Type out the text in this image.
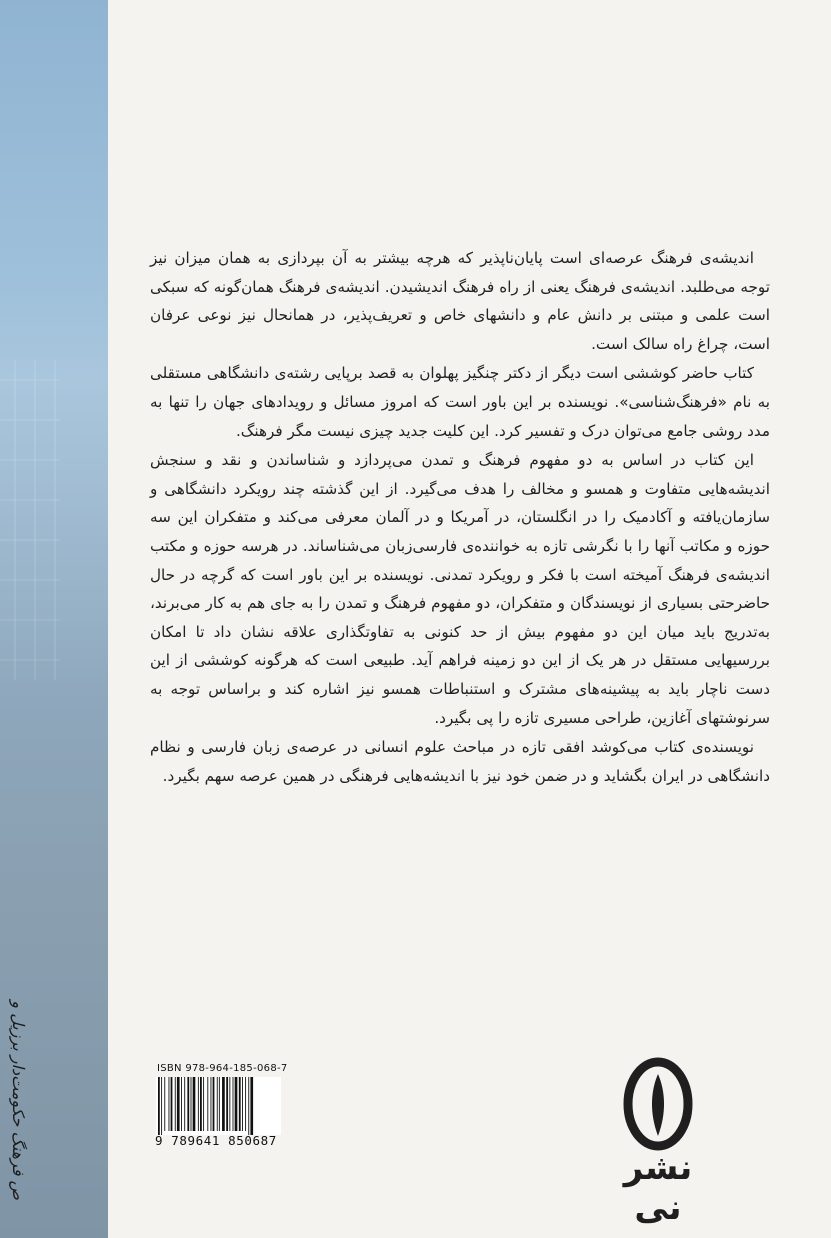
ص‌ فرهنگ‌ حکومت‌دار برزیل‌ و

اندیشه‌ی فرهنگ عرصه‌ای است پایان‌ناپذیر که هرچه بیشتر به آن بپردازی به همان میزان نیز توجه می‌طلبد. اندیشه‌ی فرهنگ یعنی از راه فرهنگ اندیشیدن. اندیشه‌ی فرهنگ همان‌گونه که سبکی است علمی و مبتنی بر دانش عام و دانشهای خاص و تعریف‌پذیر، در همانحال نیز نوعی عرفان است، چراغ راه سالک است.

کتاب حاضر کوششی است دیگر از دکتر چنگیز پهلوان به قصد برپایی رشته‌ی دانشگاهی مستقلی به نام «فرهنگ‌شناسی». نویسنده بر این باور است که امروز مسائل و رویدادهای جهان را تنها به مدد روشی جامع می‌توان درک و تفسیر کرد. این کلیت جدید چیزی نیست مگر فرهنگ.

این کتاب در اساس به دو مفهوم فرهنگ و تمدن می‌پردازد و شناساندن و نقد و سنجش اندیشه‌هایی متفاوت و همسو و مخالف را هدف می‌گیرد. از این گذشته چند رویکرد دانشگاهی و سازمان‌یافته و آکادمیک را در انگلستان، در آمریکا و در آلمان معرفی می‌کند و متفکران این سه حوزه و مکاتب آنها را با نگرشی تازه به خواننده‌ی فارسی‌زبان می‌شناساند. در هرسه حوزه و مکتب اندیشه‌ی فرهنگ آمیخته است با فکر و رویکرد تمدنی. نویسنده بر این باور است که گرچه در حال حاضرحتی بسیاری از نویسندگان و متفکران، دو مفهوم فرهنگ و تمدن را به جای هم به کار می‌برند، به‌تدریج باید میان این دو مفهوم بیش از حد کنونی به تفاوتگذاری علاقه نشان داد تا امکان بررسیهایی مستقل در هر یک از این دو زمینه فراهم آید. طبیعی است که هرگونه کوششی از این دست ناچار باید به پیشینه‌های مشترک و استنباطات همسو نیز اشاره کند و براساس توجه به سرنوشتهای آغازین، طراحی مسیری تازه را پی بگیرد.

نویسنده‌ی کتاب می‌کوشد افقی تازه در مباحث علوم انسانی در عرصه‌ی زبان فارسی و نظام دانشگاهی در ایران بگشاید و در ضمن خود نیز با اندیشه‌هایی فرهنگی در همین عرصه سهم بگیرد.

ISBN 978-964-185-068-7
9 789641 850687
نشر نی
